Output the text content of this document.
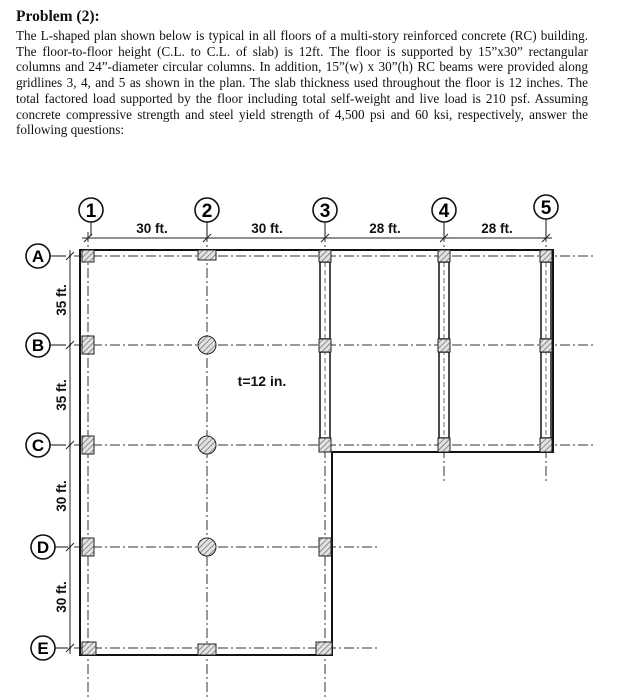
Problem (2):

The L-shaped plan shown below is typical in all floors of a multi-story reinforced concrete (RC) building. The floor-to-floor height (C.L. to C.L. of slab) is 12ft. The floor is supported by 15”x30” rectangular columns and 24”-diameter circular columns. In addition, 15”(w) x 30”(h) RC beams were provided along gridlines 3, 4, and 5 as shown in the plan. The slab thickness used throughout the floor is 12 inches. The total factored load supported by the floor including total self-weight and live load is 210 psf. Assuming concrete compressive strength and steel yield strength of 4,500 psi and 60 ksi, respectively, answer the following questions:

1	2	3	4	5
A
B
C
D
E
30 ft.	30 ft.	28 ft.	28 ft.
35 ft.
35 ft.
30 ft.
30 ft.
t=12 in.
